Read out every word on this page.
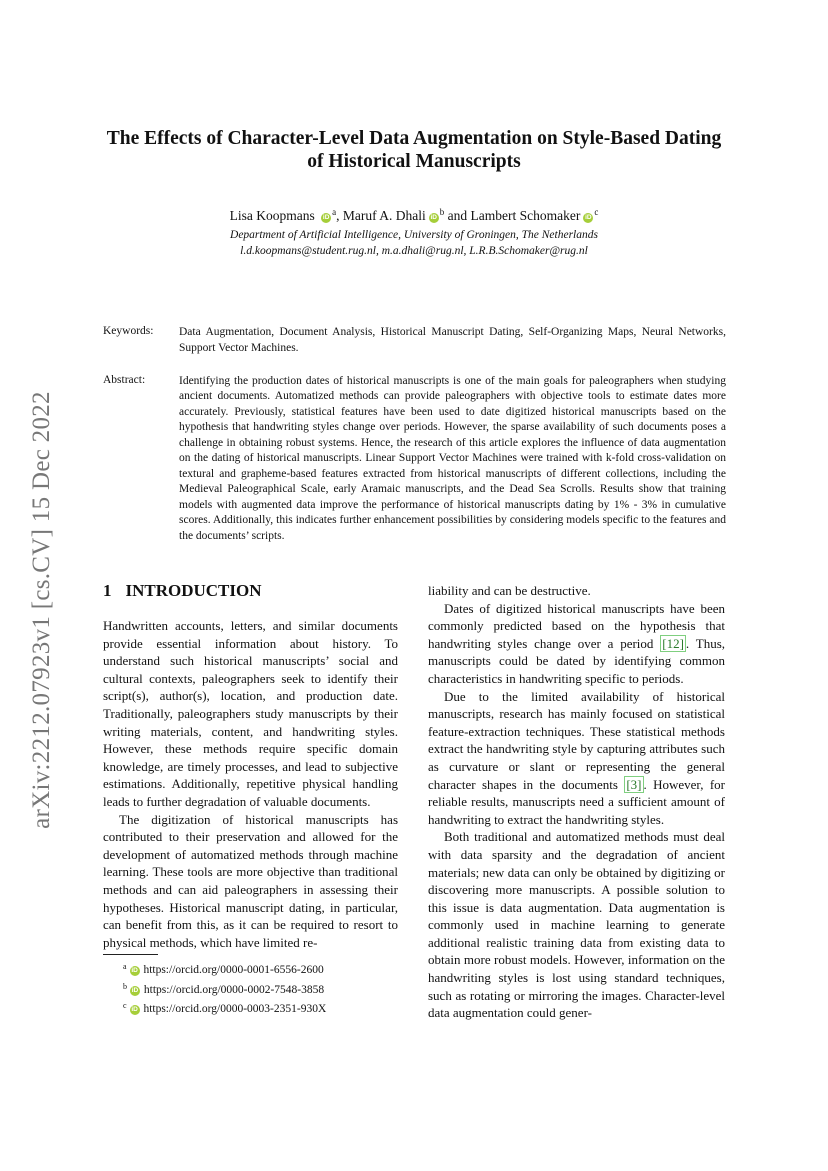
arXiv:2212.07923v1 [cs.CV] 15 Dec 2022
The Effects of Character-Level Data Augmentation on Style-Based Dating of Historical Manuscripts
Lisa Koopmans $iD^a$, Maruf A. Dhali $iD^b$ and Lambert Schomaker $iD^c$
Department of Artificial Intelligence, University of Groningen, The Netherlands
l.d.koopmans@student.rug.nl, m.a.dhali@rug.nl, L.R.B.Schomaker@rug.nl
Keywords: Data Augmentation, Document Analysis, Historical Manuscript Dating, Self-Organizing Maps, Neural Networks, Support Vector Machines.
Abstract:	Identifying the production dates of historical manuscripts is one of the main goals for paleographers when studying ancient documents. Automatized methods can provide paleographers with objective tools to estimate dates more accurately. Previously, statistical features have been used to date digitized historical manuscripts based on the hypothesis that handwriting styles change over periods. However, the sparse availability of such documents poses a challenge in obtaining robust systems. Hence, the research of this article explores the influence of data augmentation on the dating of historical manuscripts. Linear Support Vector Machines were trained with k-fold cross-validation on textural and grapheme-based features extracted from historical manuscripts of different collections, including the Medieval Paleographical Scale, early Aramaic manuscripts, and the Dead Sea Scrolls. Results show that training models with augmented data improve the performance of historical manuscripts dating by 1% - 3% in cumulative scores. Additionally, this indicates further enhancement possibilities by considering models specific to the features and the documents’ scripts.
1 INTRODUCTION

Handwritten accounts, letters, and similar documents provide essential information about history. To understand such historical manuscripts’ social and cultural contexts, paleographers seek to identify their script(s), author(s), location, and production date. Traditionally, paleographers study manuscripts by their writing materials, content, and handwriting styles. However, these methods require specific domain knowledge, are timely processes, and lead to subjective estimations. Additionally, repetitive physical handling leads to further degradation of valuable documents.

The digitization of historical manuscripts has contributed to their preservation and allowed for the development of automatized methods through machine learning. These tools are more objective than traditional methods and can aid paleographers in assessing their hypotheses. Historical manuscript dating, in particular, can benefit from this, as it can be required to resort to physical methods, which have limited re-

liability and can be destructive.

Dates of digitized historical manuscripts have been commonly predicted based on the hypothesis that handwriting styles change over a period [12] . Thus, manuscripts could be dated by identifying common characteristics in handwriting specific to periods.

Due to the limited availability of historical manuscripts, research has mainly focused on statistical feature-extraction techniques. These statistical methods extract the handwriting style by capturing attributes such as curvature or slant or representing the general character shapes in the documents [3] . However, for reliable results, manuscripts need a sufficient amount of handwriting to extract the handwriting styles.

Both traditional and automatized methods must deal with data sparsity and the degradation of ancient materials; new data can only be obtained by digitizing or discovering more manuscripts. A possible solution to this issue is data augmentation. Data augmentation is commonly used in machine learning to generate additional realistic training data from existing data to obtain more robust models. However, information on the handwriting styles is lost using standard techniques, such as rotating or mirroring the images. Character-level data augmentation could gener-

$^a$ iD https://orcid.org/0000-0001-6556-2600
$^b$ iD https://orcid.org/0000-0002-7548-3858
$^c$ iD https://orcid.org/0000-0003-2351-930X
